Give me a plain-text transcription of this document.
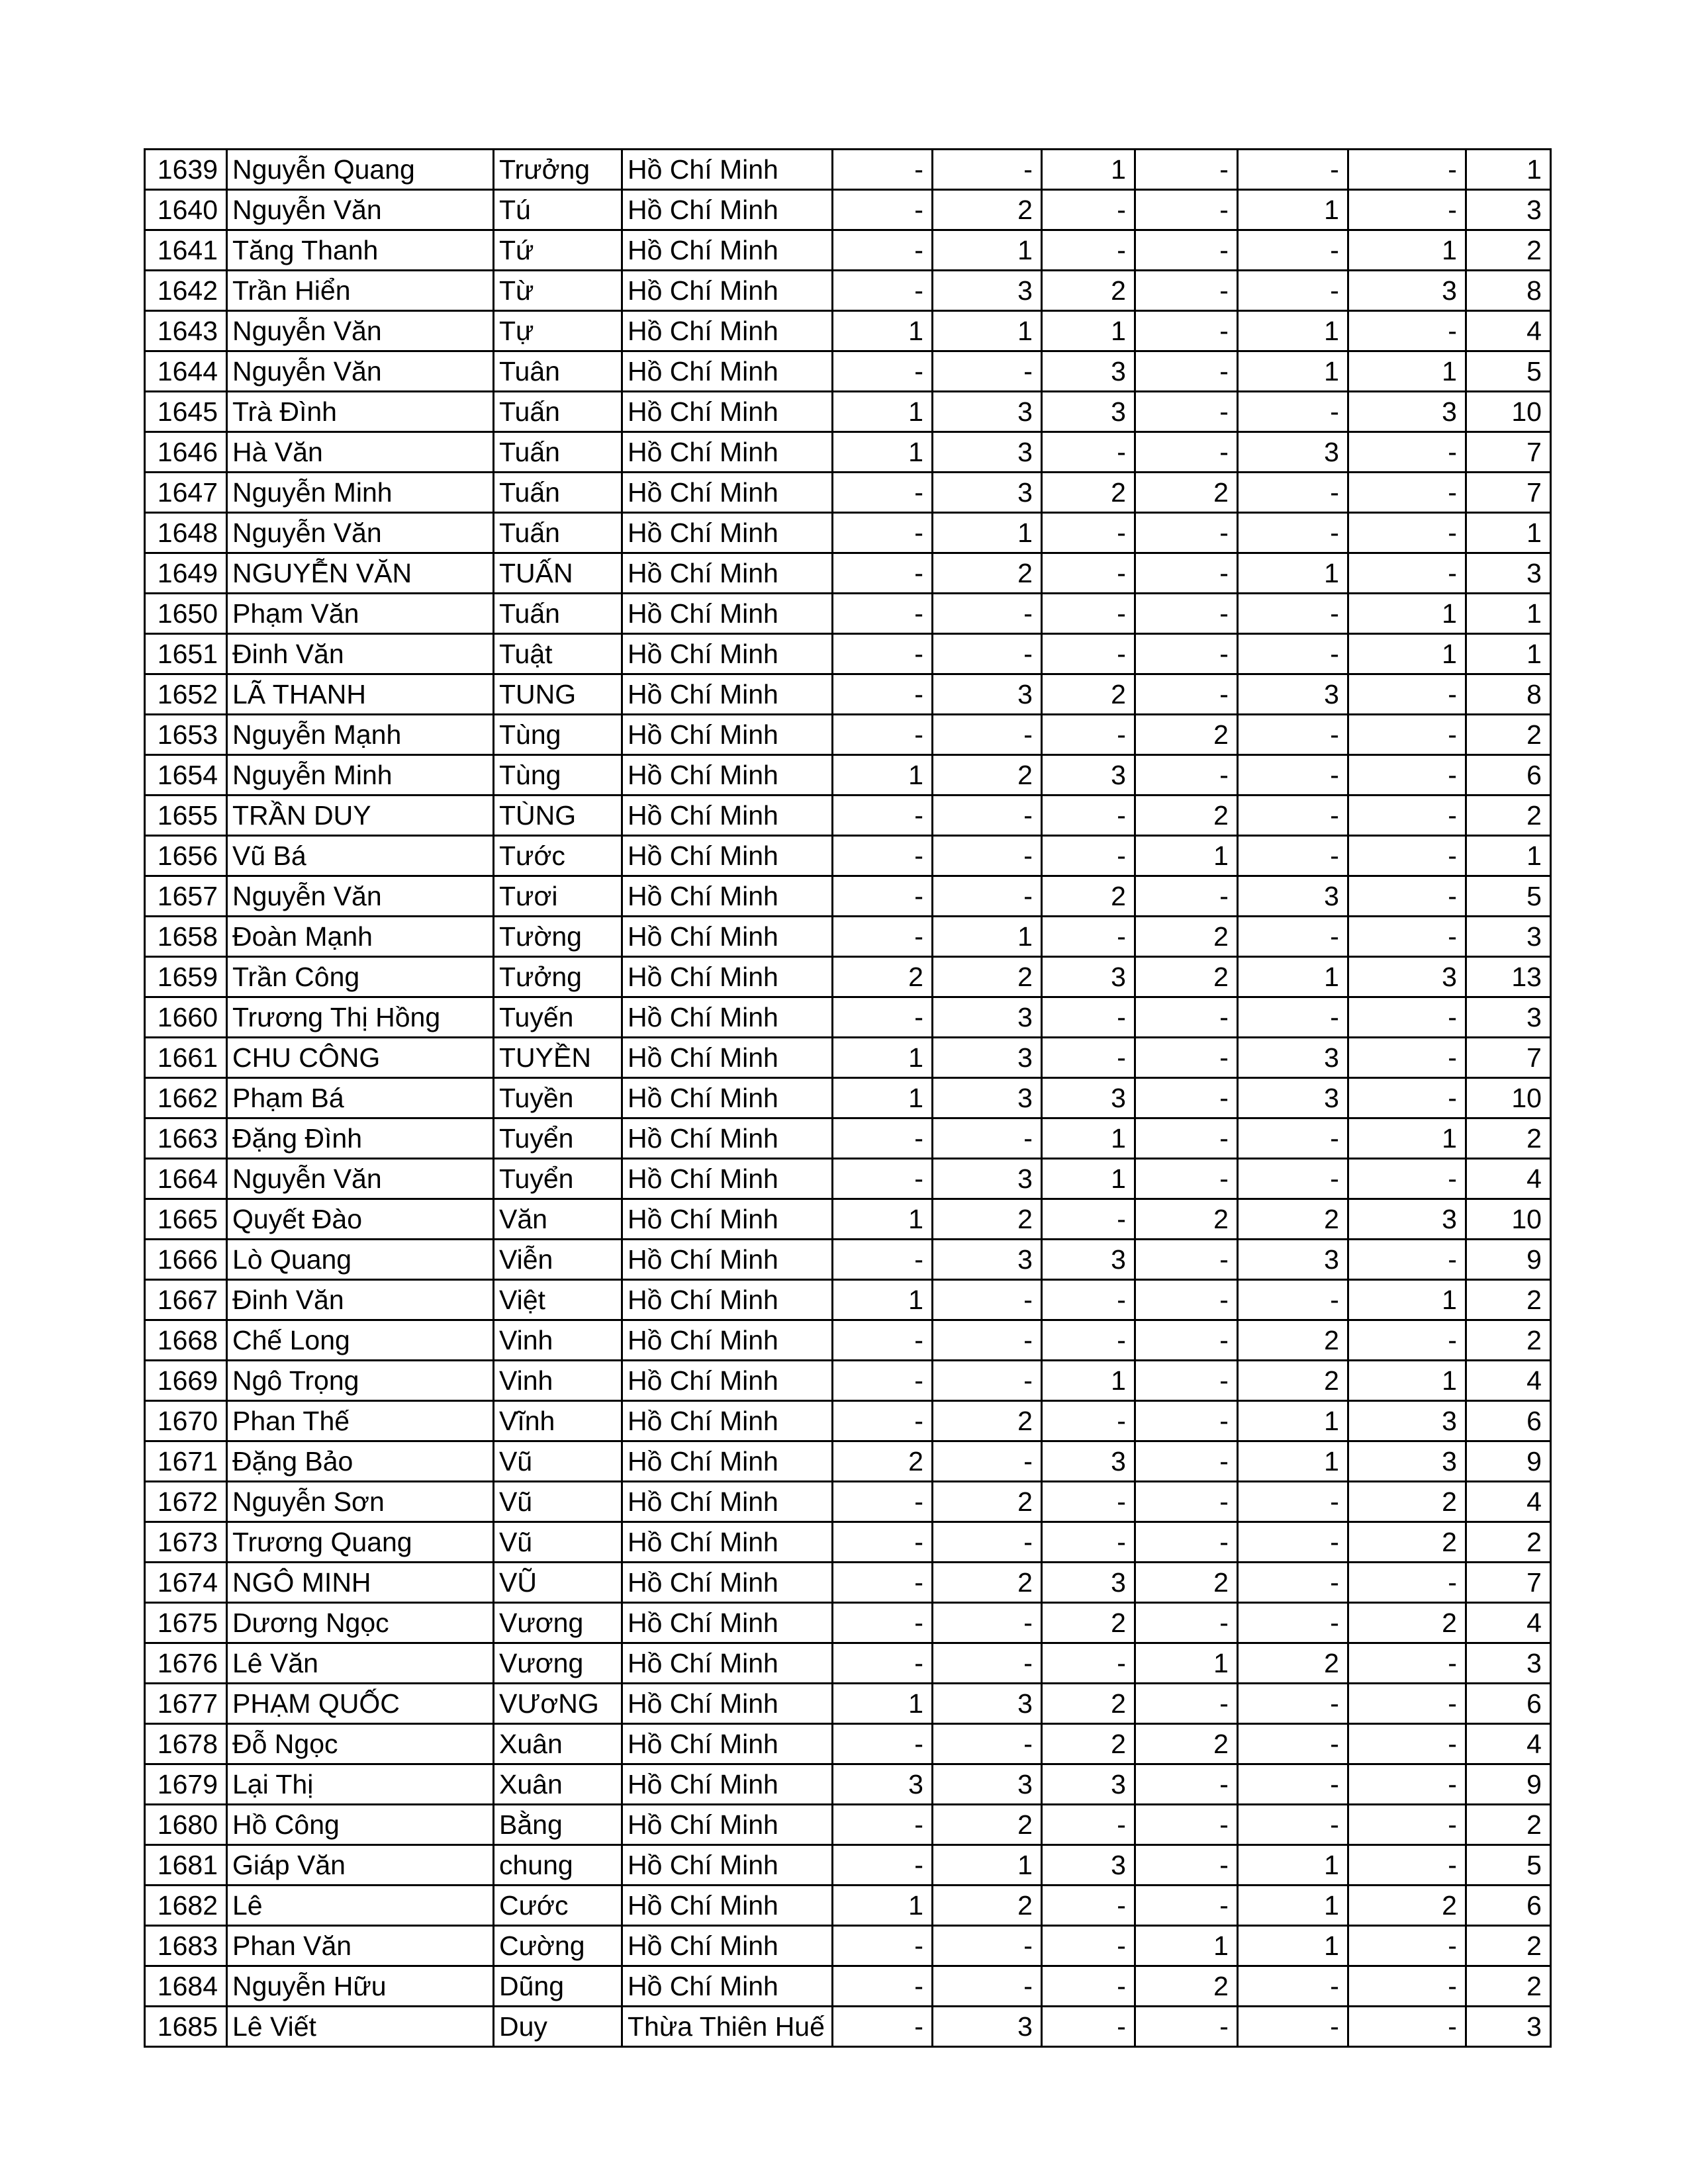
1639	Nguyễn Quang	Trưởng	Hồ Chí Minh	-	-	1	-	-	-	1
1640	Nguyễn Văn	Tú	Hồ Chí Minh	-	2	-	-	1	-	3
1641	Tăng Thanh	Tứ	Hồ Chí Minh	-	1	-	-	-	1	2
1642	Trần Hiển	Từ	Hồ Chí Minh	-	3	2	-	-	3	8
1643	Nguyễn Văn	Tự	Hồ Chí Minh	1	1	1	-	1	-	4
1644	Nguyễn Văn	Tuân	Hồ Chí Minh	-	-	3	-	1	1	5
1645	Trà Đình	Tuấn	Hồ Chí Minh	1	3	3	-	-	3	10
1646	Hà Văn	Tuấn	Hồ Chí Minh	1	3	-	-	3	-	7
1647	Nguyễn Minh	Tuấn	Hồ Chí Minh	-	3	2	2	-	-	7
1648	Nguyễn Văn	Tuấn	Hồ Chí Minh	-	1	-	-	-	-	1
1649	NGUYỄN VĂN	TUẤN	Hồ Chí Minh	-	2	-	-	1	-	3
1650	Phạm Văn	Tuấn	Hồ Chí Minh	-	-	-	-	-	1	1
1651	Đinh Văn	Tuật	Hồ Chí Minh	-	-	-	-	-	1	1
1652	LÃ THANH	TUNG	Hồ Chí Minh	-	3	2	-	3	-	8
1653	Nguyễn Mạnh	Tùng	Hồ Chí Minh	-	-	-	2	-	-	2
1654	Nguyễn Minh	Tùng	Hồ Chí Minh	1	2	3	-	-	-	6
1655	TRẦN DUY	TÙNG	Hồ Chí Minh	-	-	-	2	-	-	2
1656	Vũ Bá	Tước	Hồ Chí Minh	-	-	-	1	-	-	1
1657	Nguyễn Văn	Tươi	Hồ Chí Minh	-	-	2	-	3	-	5
1658	Đoàn Mạnh	Tường	Hồ Chí Minh	-	1	-	2	-	-	3
1659	Trần Công	Tưởng	Hồ Chí Minh	2	2	3	2	1	3	13
1660	Trương Thị Hồng	Tuyến	Hồ Chí Minh	-	3	-	-	-	-	3
1661	CHU CÔNG	TUYỀN	Hồ Chí Minh	1	3	-	-	3	-	7
1662	Phạm Bá	Tuyền	Hồ Chí Minh	1	3	3	-	3	-	10
1663	Đặng Đình	Tuyển	Hồ Chí Minh	-	-	1	-	-	1	2
1664	Nguyễn Văn	Tuyển	Hồ Chí Minh	-	3	1	-	-	-	4
1665	Quyết Đào	Văn	Hồ Chí Minh	1	2	-	2	2	3	10
1666	Lò Quang	Viễn	Hồ Chí Minh	-	3	3	-	3	-	9
1667	Đinh Văn	Việt	Hồ Chí Minh	1	-	-	-	-	1	2
1668	Chế Long	Vinh	Hồ Chí Minh	-	-	-	-	2	-	2
1669	Ngô Trọng	Vinh	Hồ Chí Minh	-	-	1	-	2	1	4
1670	Phan Thế	Vĩnh	Hồ Chí Minh	-	2	-	-	1	3	6
1671	Đặng Bảo	Vũ	Hồ Chí Minh	2	-	3	-	1	3	9
1672	Nguyễn Sơn	Vũ	Hồ Chí Minh	-	2	-	-	-	2	4
1673	Trương Quang	Vũ	Hồ Chí Minh	-	-	-	-	-	2	2
1674	NGÔ MINH	VŨ	Hồ Chí Minh	-	2	3	2	-	-	7
1675	Dương Ngọc	Vương	Hồ Chí Minh	-	-	2	-	-	2	4
1676	Lê Văn	Vương	Hồ Chí Minh	-	-	-	1	2	-	3
1677	PHẠM QUỐC	VƯơNG	Hồ Chí Minh	1	3	2	-	-	-	6
1678	Đỗ Ngọc	Xuân	Hồ Chí Minh	-	-	2	2	-	-	4
1679	Lại Thị	Xuân	Hồ Chí Minh	3	3	3	-	-	-	9
1680	Hồ Công	Bằng	Hồ Chí Minh	-	2	-	-	-	-	2
1681	Giáp Văn	chung	Hồ Chí Minh	-	1	3	-	1	-	5
1682	Lê	Cước	Hồ Chí Minh	1	2	-	-	1	2	6
1683	Phan Văn	Cường	Hồ Chí Minh	-	-	-	1	1	-	2
1684	Nguyễn Hữu	Dũng	Hồ Chí Minh	-	-	-	2	-	-	2
1685	Lê Viết	Duy	Thừa Thiên Huế	-	3	-	-	-	-	3
